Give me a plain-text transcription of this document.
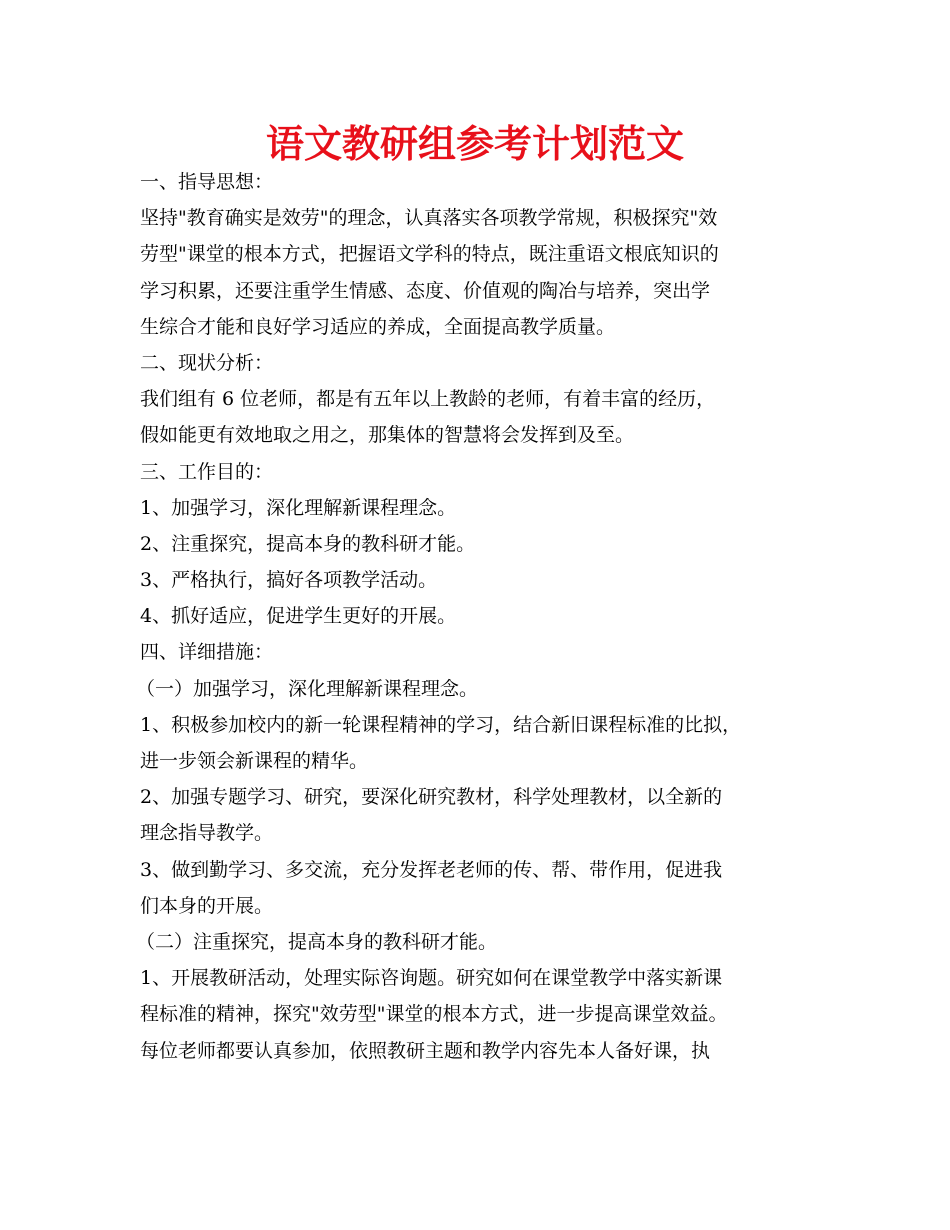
语文教研组参考计划范文
一、指导思想：
坚持"教育确实是效劳"的理念，认真落实各项教学常规，积极探究"效
劳型"课堂的根本方式，把握语文学科的特点，既注重语文根底知识的
学习积累，还要注重学生情感、态度、价值观的陶冶与培养，突出学
生综合才能和良好学习适应的养成，全面提高教学质量。
二、现状分析：
我们组有 6 位老师，都是有五年以上教龄的老师，有着丰富的经历，
假如能更有效地取之用之，那集体的智慧将会发挥到及至。
三、工作目的：
1、加强学习，深化理解新课程理念。
2、注重探究，提高本身的教科研才能。
3、严格执行，搞好各项教学活动。
4、抓好适应，促进学生更好的开展。
四、详细措施：
（一）加强学习，深化理解新课程理念。
1、积极参加校内的新一轮课程精神的学习，结合新旧课程标准的比拟，
进一步领会新课程的精华。
2、加强专题学习、研究，要深化研究教材，科学处理教材，以全新的
理念指导教学。
3、做到勤学习、多交流，充分发挥老老师的传、帮、带作用，促进我
们本身的开展。
（二）注重探究，提高本身的教科研才能。
1、开展教研活动，处理实际咨询题。研究如何在课堂教学中落实新课
程标准的精神，探究"效劳型"课堂的根本方式，进一步提高课堂效益。
每位老师都要认真参加，依照教研主题和教学内容先本人备好课，执
